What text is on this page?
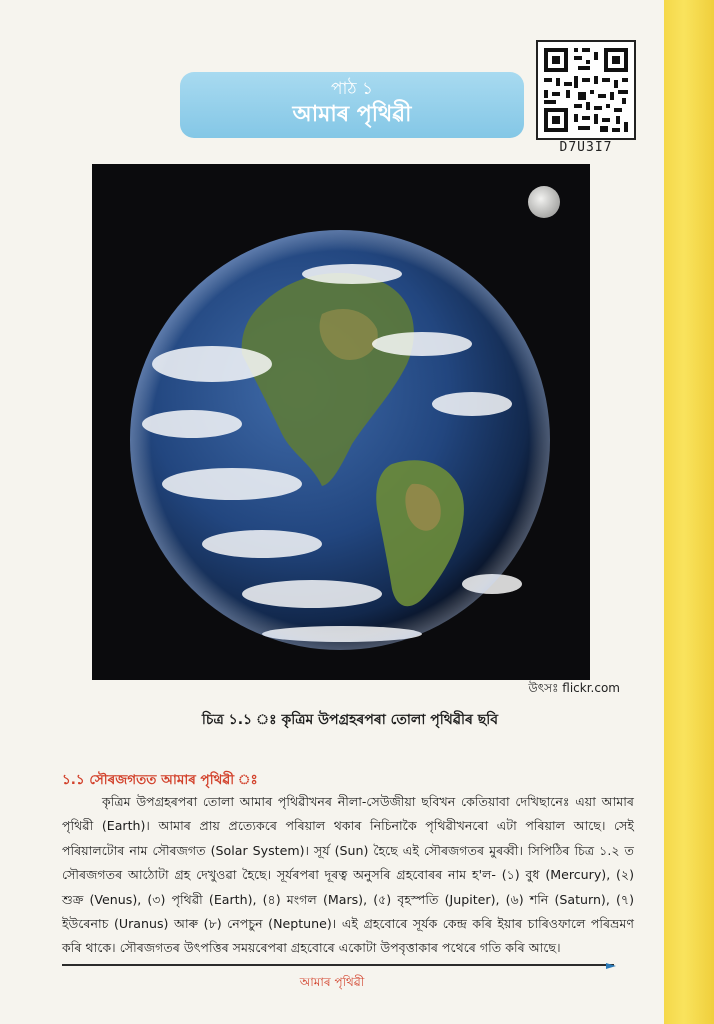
পাঠ ১
আমাৰ পৃথিৱী
D7U3I7
উৎসঃ flickr.com
চিত্ৰ ১.১ ঃ কৃত্ৰিম উপগ্ৰহৰপৰা তোলা পৃথিৱীৰ ছবি
১.১ সৌৰজগতত আমাৰ পৃথিৱী ঃ
কৃত্ৰিম উপগ্ৰহৰপৰা তোলা আমাৰ পৃথিৱীখনৰ নীলা-সেউজীয়া ছবিখন কেতিয়াবা দেখিছানেঃ এয়া আমাৰ পৃথিৱী (Earth)। আমাৰ প্ৰায় প্ৰত্যেকৰে পৰিয়াল থকাৰ নিচিনাকৈ পৃথিৱীখনৰো এটা পৰিয়াল আছে। সেই পৰিয়ালটোৰ নাম সৌৰজগত (Solar System)। সূৰ্য (Sun) হৈছে এই সৌৰজগতৰ মুৰব্বী। সিপিঠিৰ চিত্ৰ ১.২ ত সৌৰজগতৰ আঠোটা গ্ৰহ দেখুওৱা হৈছে। সূৰ্যৰপৰা দূৰত্ব অনুসৰি গ্ৰহবোৰৰ নাম হ'ল- (১) বুধ (Mercury), (২) শুক্ৰ (Venus), (৩) পৃথিৱী (Earth), (৪) মংগল (Mars), (৫) বৃহস্পতি (Jupiter), (৬) শনি (Saturn), (৭) ইউৰেনাচ (Uranus) আৰু (৮) নেপচুন (Neptune)। এই গ্ৰহবোৰে সূৰ্যক কেন্দ্ৰ কৰি ইয়াৰ চাৰিওফালে পৰিভ্ৰমণ কৰি থাকে। সৌৰজগতৰ উৎপত্তিৰ সময়ৰেপৰা গ্ৰহবোৰে একোটা উপবৃত্তাকাৰ পথেৰে গতি কৰি আছে।
আমাৰ পৃথিৱী
